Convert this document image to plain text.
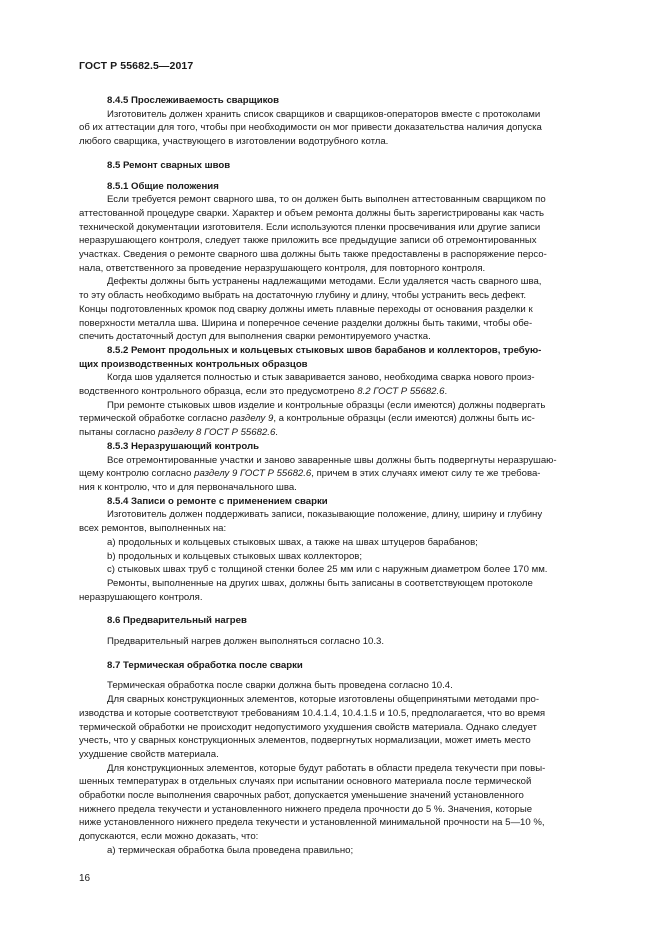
ГОСТ Р 55682.5—2017

8.4.5 Прослеживаемость сварщиков

Изготовитель должен хранить список сварщиков и сварщиков-операторов вместе с протоколами
об их аттестации для того, чтобы при необходимости он мог привести доказательства наличия допуска
любого сварщика, участвующего в изготовлении водотрубного котла.

8.5 Ремонт сварных швов

8.5.1 Общие положения

Если требуется ремонт сварного шва, то он должен быть выполнен аттестованным сварщиком по
аттестованной процедуре сварки. Характер и объем ремонта должны быть зарегистрированы как часть
технической документации изготовителя. Если используются пленки просвечивания или другие записи
неразрушающего контроля, следует также приложить все предыдущие записи об отремонтированных
участках. Сведения о ремонте сварного шва должны быть также предоставлены в распоряжение персо-
нала, ответственного за проведение неразрушающего контроля, для повторного контроля.

Дефекты должны быть устранены надлежащими методами. Если удаляется часть сварного шва,
то эту область необходимо выбрать на достаточную глубину и длину, чтобы устранить весь дефект.
Концы подготовленных кромок под сварку должны иметь плавные переходы от основания разделки к
поверхности металла шва. Ширина и поперечное сечение разделки должны быть такими, чтобы обе-
спечить достаточный доступ для выполнения сварки ремонтируемого участка.

8.5.2 Ремонт продольных и кольцевых стыковых швов барабанов и коллекторов, требую-
щих производственных контрольных образцов

Когда шов удаляется полностью и стык заваривается заново, необходима сварка нового произ-
водственного контрольного образца, если это предусмотрено 8.2 ГОСТ Р 55682.6.

При ремонте стыковых швов изделие и контрольные образцы (если имеются) должны подвергать
термической обработке согласно разделу 9, а контрольные образцы (если имеются) должны быть ис-
пытаны согласно разделу 8 ГОСТ Р 55682.6.

8.5.3 Неразрушающий контроль

Все отремонтированные участки и заново заваренные швы должны быть подвергнуты неразрушаю-
щему контролю согласно разделу 9 ГОСТ Р 55682.6, причем в этих случаях имеют силу те же требова-
ния к контролю, что и для первоначального шва.

8.5.4 Записи о ремонте с применением сварки

Изготовитель должен поддерживать записи, показывающие положение, длину, ширину и глубину
всех ремонтов, выполненных на:

a) продольных и кольцевых стыковых швах, а также на швах штуцеров барабанов;

b) продольных и кольцевых стыковых швах коллекторов;

c) стыковых швах труб с толщиной стенки более 25 мм или с наружным диаметром более 170 мм.

Ремонты, выполненные на других швах, должны быть записаны в соответствующем протоколе
неразрушающего контроля.

8.6 Предварительный нагрев

Предварительный нагрев должен выполняться согласно 10.3.

8.7 Термическая обработка после сварки

Термическая обработка после сварки должна быть проведена согласно 10.4.

Для сварных конструкционных элементов, которые изготовлены общепринятыми методами про-
изводства и которые соответствуют требованиям 10.4.1.4, 10.4.1.5 и 10.5, предполагается, что во время
термической обработки не происходит недопустимого ухудшения свойств материала. Однако следует
учесть, что у сварных конструкционных элементов, подвергнутых нормализации, может иметь место
ухудшение свойств материала.

Для конструкционных элементов, которые будут работать в области предела текучести при повы-
шенных температурах в отдельных случаях при испытании основного материала после термической
обработки после выполнения сварочных работ, допускается уменьшение значений установленного
нижнего предела текучести и установленного нижнего предела прочности до 5 %. Значения, которые
ниже установленного нижнего предела текучести и установленной минимальной прочности на 5—10 %,
допускаются, если можно доказать, что:

a) термическая обработка была проведена правильно;

16
